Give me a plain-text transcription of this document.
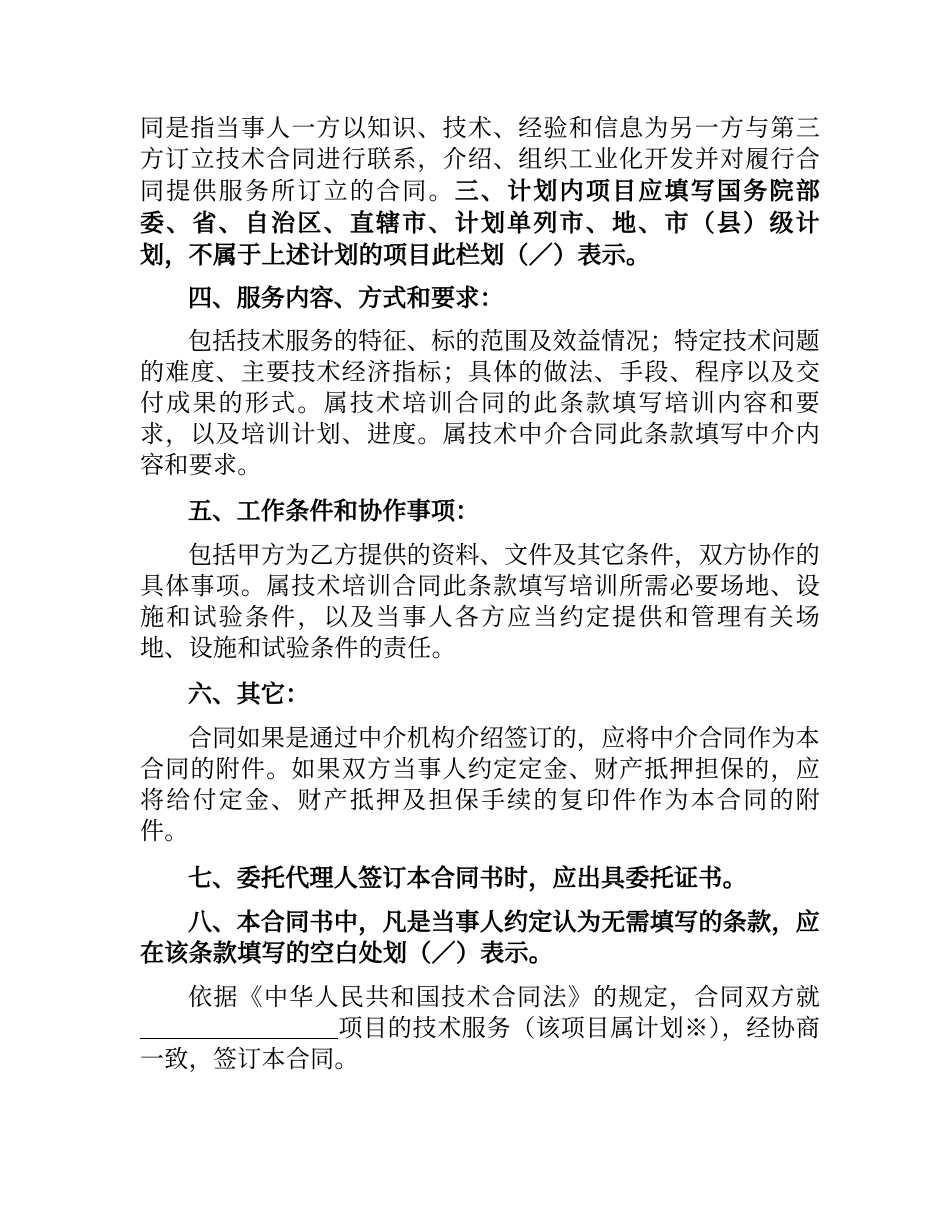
同是指当事人一方以知识、技术、经验和信息为另一方与第三方订立技术合同进行联系，介绍、组织工业化开发并对履行合同提供服务所订立的合同。三、计划内项目应填写国务院部委、省、自治区、直辖市、计划单列市、地、市（县）级计划，不属于上述计划的项目此栏划（／）表示。

四、服务内容、方式和要求：

包括技术服务的特征、标的范围及效益情况；特定技术问题的难度、主要技术经济指标；具体的做法、手段、程序以及交付成果的形式。属技术培训合同的此条款填写培训内容和要求，以及培训计划、进度。属技术中介合同此条款填写中介内容和要求。

五、工作条件和协作事项：

包括甲方为乙方提供的资料、文件及其它条件，双方协作的具体事项。属技术培训合同此条款填写培训所需必要场地、设施和试验条件，以及当事人各方应当约定提供和管理有关场地、设施和试验条件的责任。

六、其它：

合同如果是通过中介机构介绍签订的，应将中介合同作为本合同的附件。如果双方当事人约定定金、财产抵押担保的，应将给付定金、财产抵押及担保手续的复印件作为本合同的附件。

七、委托代理人签订本合同书时，应出具委托证书。

八、本合同书中，凡是当事人约定认为无需填写的条款，应在该条款填写的空白处划（／）表示。

依据《中华人民共和国技术合同法》的规定，合同双方就项目的技术服务（该项目属计划※），经协商一致，签订本合同。
